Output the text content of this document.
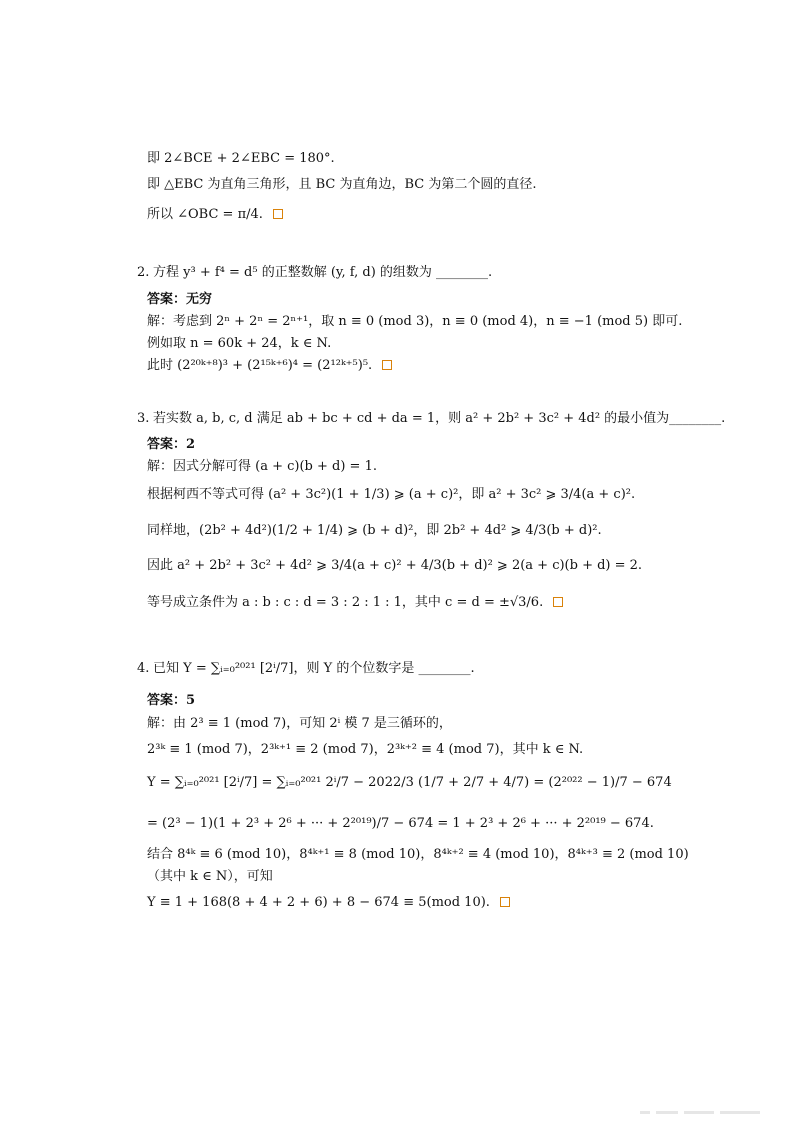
即 2∠BCE + 2∠EBC = 180°.
即 △EBC 为直角三角形，且 BC 为直角边，BC 为第二个圆的直径.
所以 ∠OBC = π/4.
2. 方程 y³ + f⁴ = d⁵ 的正整数解 (y, f, d) 的组数为 ________.
答案：无穷
解：考虑到 2ⁿ + 2ⁿ = 2ⁿ⁺¹，取 n ≡ 0 (mod 3)，n ≡ 0 (mod 4)，n ≡ −1 (mod 5) 即可.
例如取 n = 60k + 24，k ∈ N.
此时 (2²⁰ᵏ⁺⁸)³ + (2¹⁵ᵏ⁺⁶)⁴ = (2¹²ᵏ⁺⁵)⁵.
3. 若实数 a, b, c, d 满足 ab + bc + cd + da = 1，则 a² + 2b² + 3c² + 4d² 的最小值为________.
答案：2
解：因式分解可得 (a + c)(b + d) = 1.
根据柯西不等式可得 (a² + 3c²)(1 + 1/3) ⩾ (a + c)²，即 a² + 3c² ⩾ 3/4(a + c)².
同样地，(2b² + 4d²)(1/2 + 1/4) ⩾ (b + d)²，即 2b² + 4d² ⩾ 4/3(b + d)².
因此 a² + 2b² + 3c² + 4d² ⩾ 3/4(a + c)² + 4/3(b + d)² ⩾ 2(a + c)(b + d) = 2.
等号成立条件为 a : b : c : d = 3 : 2 : 1 : 1，其中 c = d = ±√3/6.
4. 已知 Y = ∑ᵢ₌₀²⁰²¹ [2ⁱ/7]，则 Y 的个位数字是 ________.
答案：5
解：由 2³ ≡ 1 (mod 7)，可知 2ⁱ 模 7 是三循环的，
2³ᵏ ≡ 1 (mod 7)，2³ᵏ⁺¹ ≡ 2 (mod 7)，2³ᵏ⁺² ≡ 4 (mod 7)，其中 k ∈ N.
Y = ∑ᵢ₌₀²⁰²¹ [2ⁱ/7] = ∑ᵢ₌₀²⁰²¹ 2ⁱ/7 − 2022/3 (1/7 + 2/7 + 4/7) = (2²⁰²² − 1)/7 − 674
= (2³ − 1)(1 + 2³ + 2⁶ + ··· + 2²⁰¹⁹)/7 − 674 = 1 + 2³ + 2⁶ + ··· + 2²⁰¹⁹ − 674.
结合 8⁴ᵏ ≡ 6 (mod 10)，8⁴ᵏ⁺¹ ≡ 8 (mod 10)，8⁴ᵏ⁺² ≡ 4 (mod 10)，8⁴ᵏ⁺³ ≡ 2 (mod 10)
（其中 k ∈ N），可知
Y ≡ 1 + 168(8 + 4 + 2 + 6) + 8 − 674 ≡ 5(mod 10).
